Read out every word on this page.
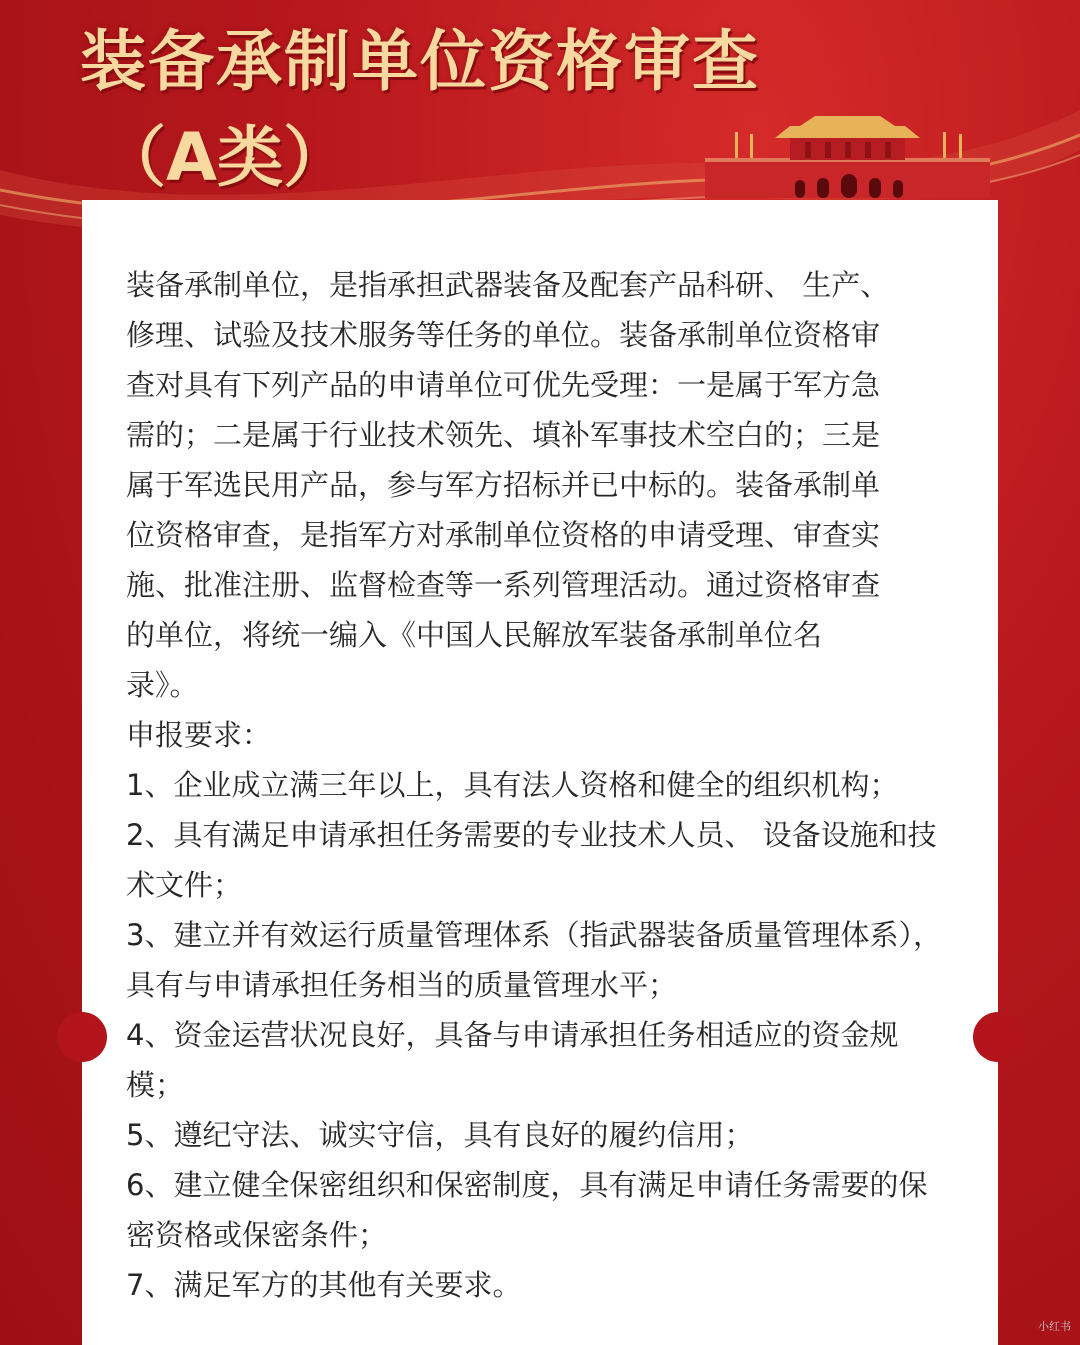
装备承制单位资格审查
（A类）

装备承制单位，是指承担武器装备及配套产品科研、 生产、

修理、试验及技术服务等任务的单位。装备承制单位资格审

查对具有下列产品的申请单位可优先受理：一是属于军方急

需的；二是属于行业技术领先、填补军事技术空白的；三是

属于军选民用产品，参与军方招标并已中标的。装备承制单

位资格审查，是指军方对承制单位资格的申请受理、审查实

施、批准注册、监督检查等一系列管理活动。通过资格审查

的单位，将统一编入《中国人民解放军装备承制单位名

录》。

申报要求：

1、企业成立满三年以上，具有法人资格和健全的组织机构；
2、具有满足申请承担任务需要的专业技术人员、 设备设施和技术文件；
3、建立并有效运行质量管理体系（指武器装备质量管理体系），具有与申请承担任务相当的质量管理水平；
4、资金运营状况良好，具备与申请承担任务相适应的资金规模；
5、遵纪守法、诚实守信，具有良好的履约信用；
6、建立健全保密组织和保密制度，具有满足申请任务需要的保密资格或保密条件；
7、满足军方的其他有关要求。
小红书
